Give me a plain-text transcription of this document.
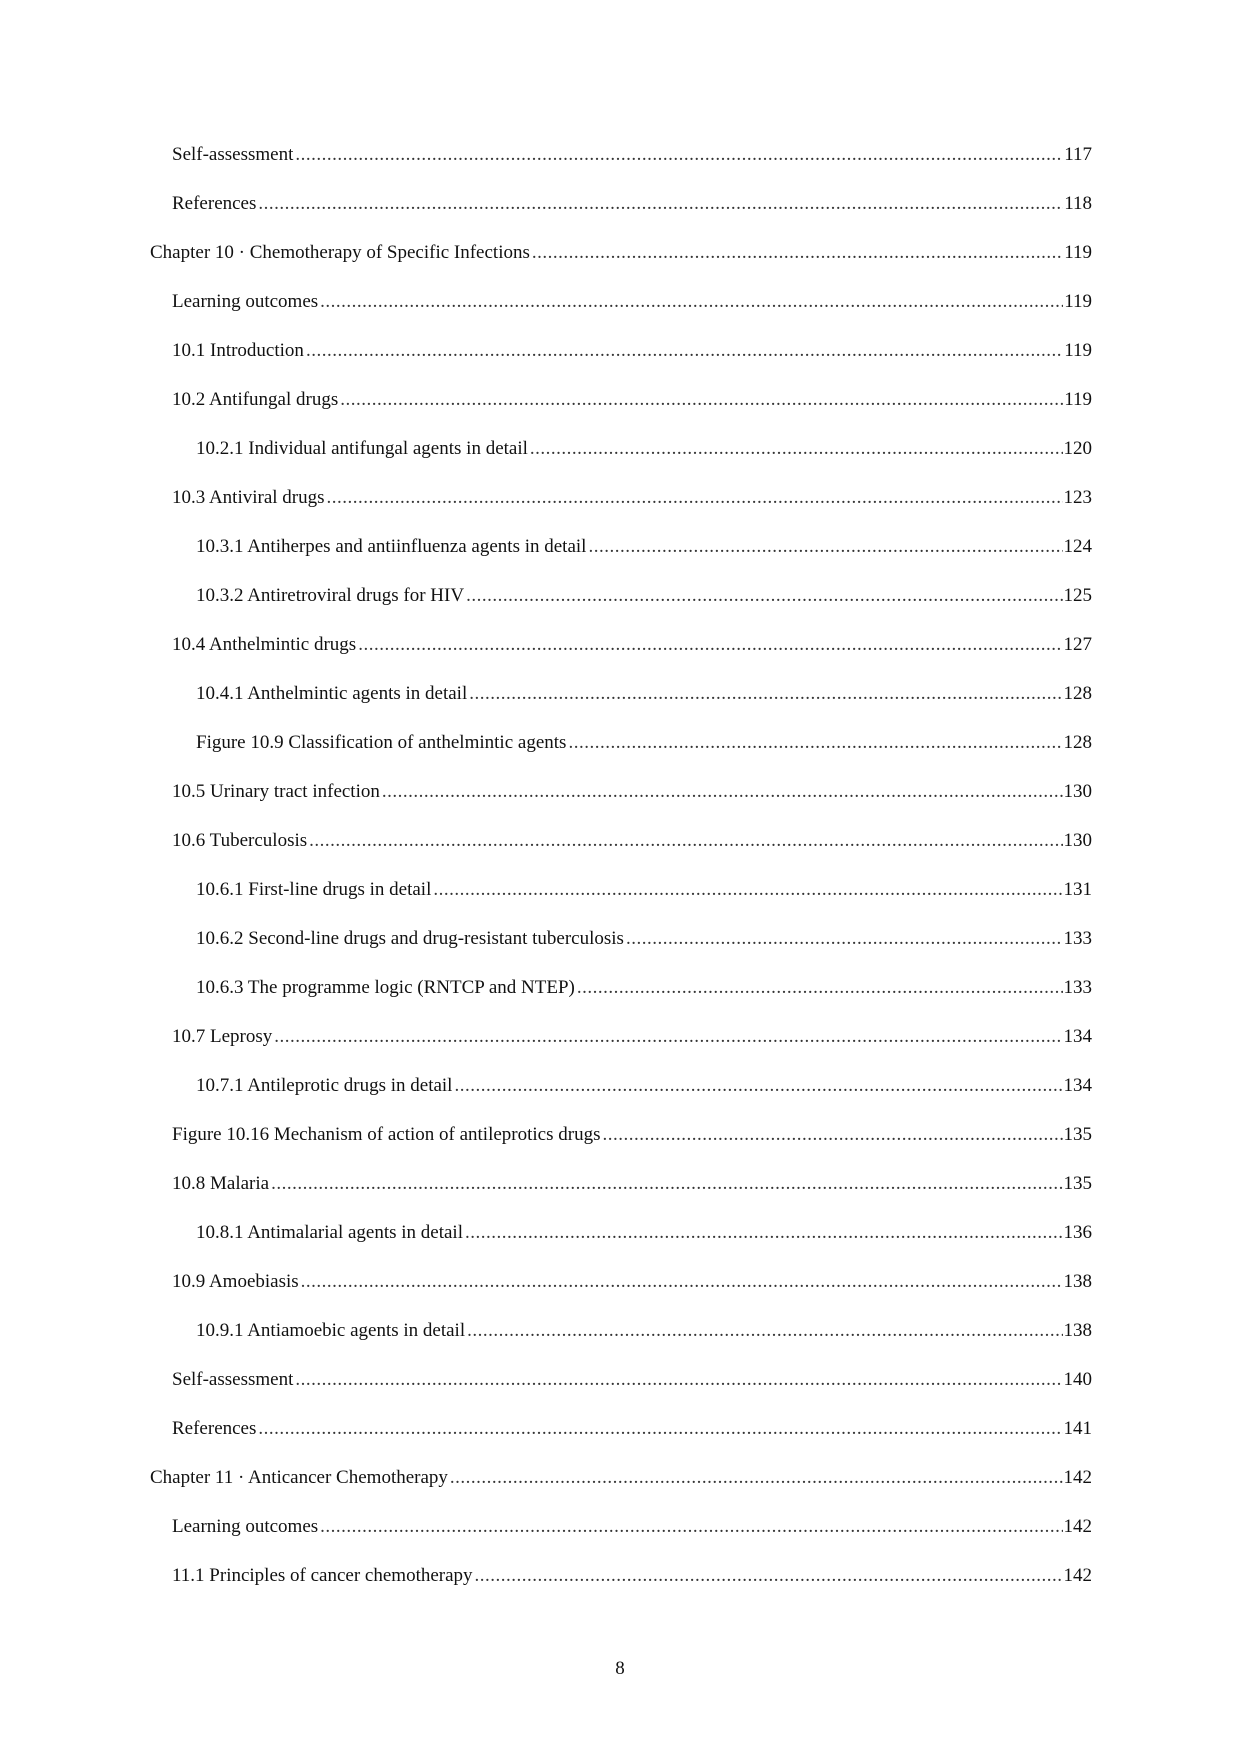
Self-assessment .....	117
References .....	118
Chapter 10 · Chemotherapy of Specific Infections .....	119
Learning outcomes .....	119
10.1 Introduction .....	119
10.2 Antifungal drugs .....	119
10.2.1 Individual antifungal agents in detail .....	120
10.3 Antiviral drugs .....	123
10.3.1 Antiherpes and antiinfluenza agents in detail .....	124
10.3.2 Antiretroviral drugs for HIV .....	125
10.4 Anthelmintic drugs .....	127
10.4.1 Anthelmintic agents in detail .....	128
Figure 10.9 Classification of anthelmintic agents .....	128
10.5 Urinary tract infection .....	130
10.6 Tuberculosis .....	130
10.6.1 First-line drugs in detail .....	131
10.6.2 Second-line drugs and drug-resistant tuberculosis .....	133
10.6.3 The programme logic (RNTCP and NTEP) .....	133
10.7 Leprosy .....	134
10.7.1 Antileprotic drugs in detail .....	134
Figure 10.16 Mechanism of action of antileprotics drugs .....	135
10.8 Malaria .....	135
10.8.1 Antimalarial agents in detail .....	136
10.9 Amoebiasis .....	138
10.9.1 Antiamoebic agents in detail .....	138
Self-assessment .....	140
References .....	141
Chapter 11 · Anticancer Chemotherapy .....	142
Learning outcomes .....	142
11.1 Principles of cancer chemotherapy .....	142
8
